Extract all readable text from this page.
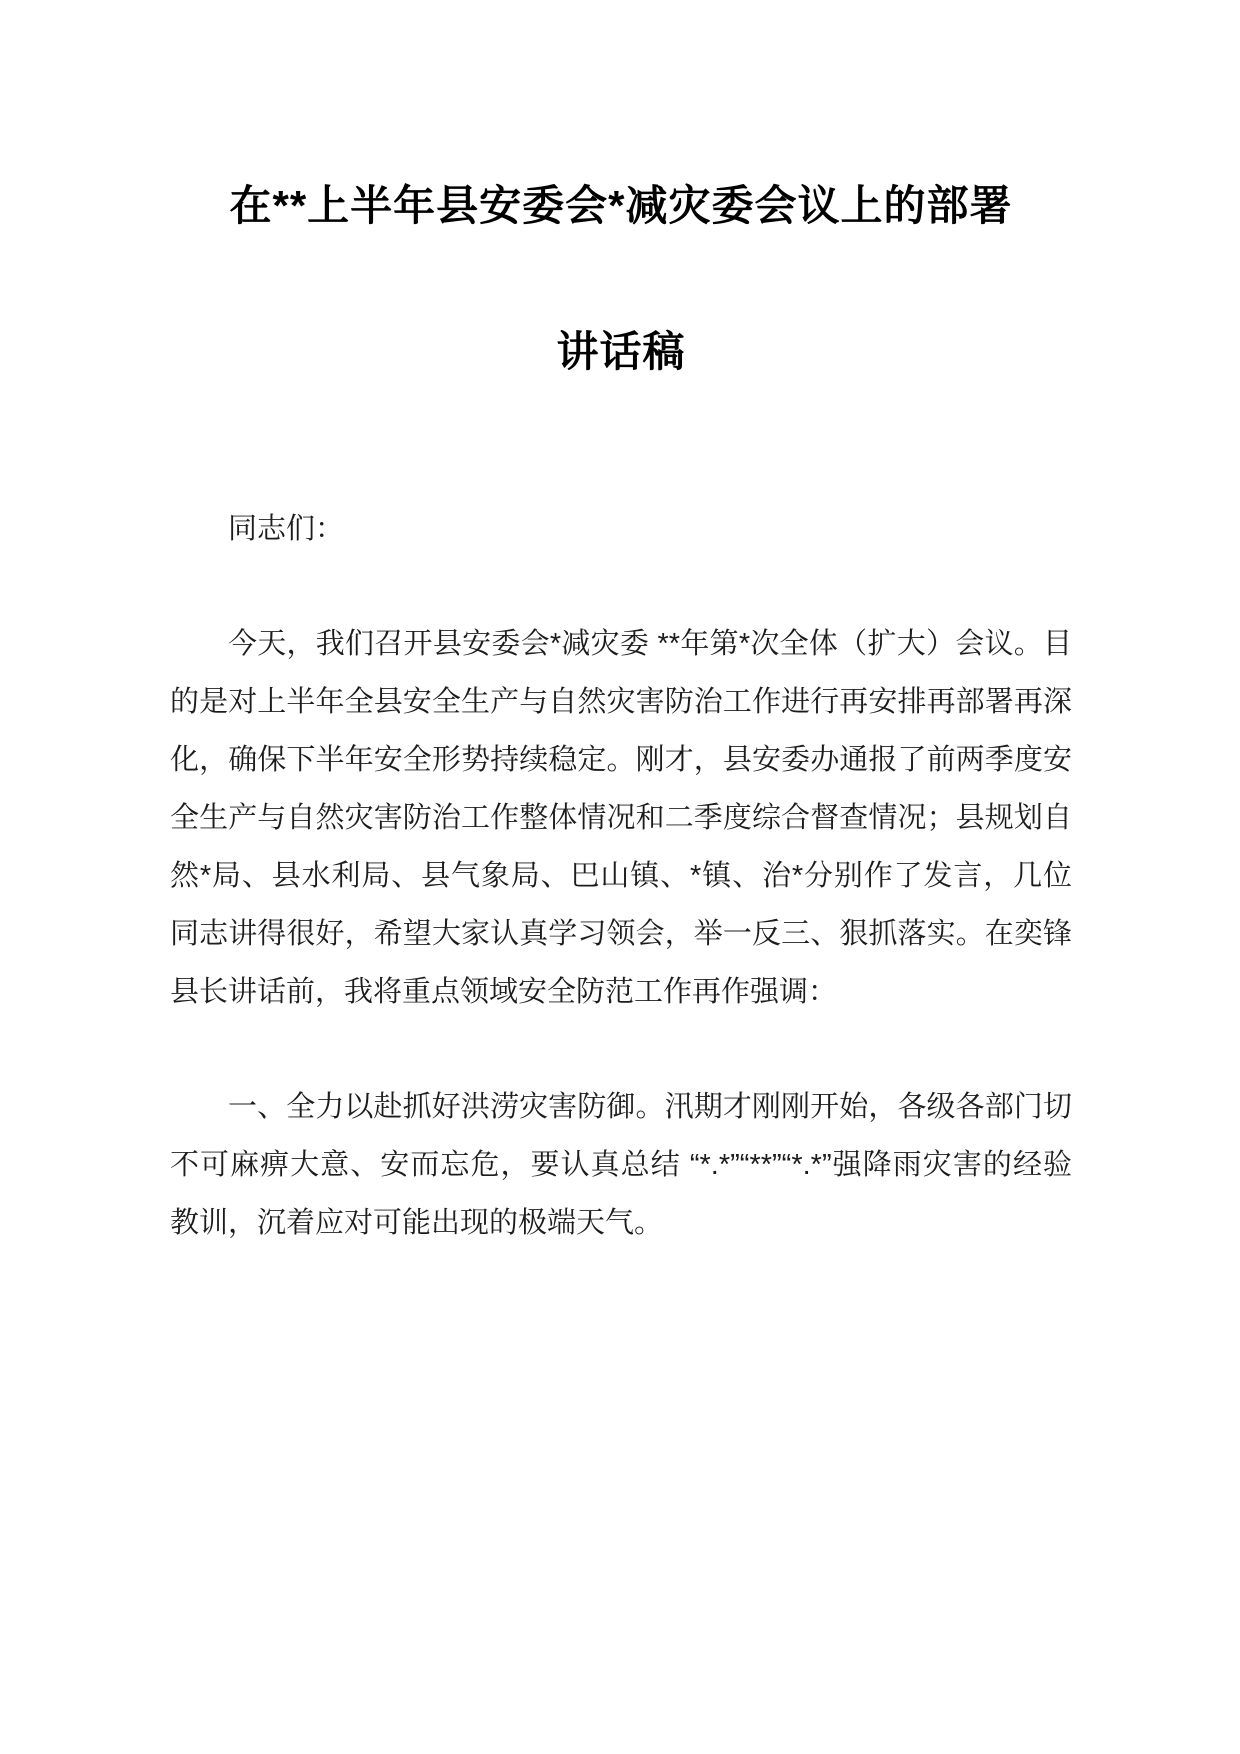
在**上半年县安委会*减灾委会议上的部署
讲话稿

同志们：

今天，我们召开县安委会*减灾委 **年第*次全体（扩大）会议。目的是对上半年全县安全生产与自然灾害防治工作进行再安排再部署再深化，确保下半年安全形势持续稳定。刚才，县安委办通报了前两季度安全生产与自然灾害防治工作整体情况和二季度综合督查情况；县规划自然*局、县水利局、县气象局、巴山镇、*镇、治*分别作了发言，几位同志讲得很好，希望大家认真学习领会，举一反三、狠抓落实。在奕锋县长讲话前，我将重点领域安全防范工作再作强调：

一、全力以赴抓好洪涝灾害防御。汛期才刚刚开始，各级各部门切不可麻痹大意、安而忘危，要认真总结 “*.*”“**”“*.*”强降雨灾害的经验教训，沉着应对可能出现的极端天气。
